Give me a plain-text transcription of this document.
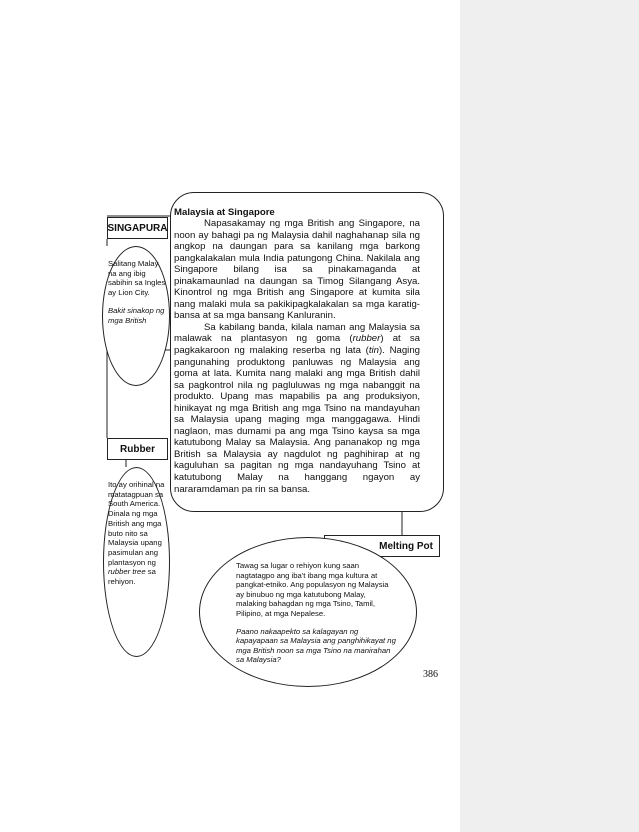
Malaysia at Singapore

Napasakamay ng mga British ang Singapore, na noon ay bahagi pa ng Malaysia dahil naghahanap sila ng angkop na daungan para sa kanilang mga barkong pangkalakalan mula India patungong China. Nakilala ang Singapore bilang isa sa pinakamaganda at pinakamaunlad na daungan sa Timog Silangang Asya. Kinontrol ng mga British ang Singapore at kumita sila nang malaki mula sa pakikipagkalakalan sa mga karatig-bansa at sa mga bansang Kanluranin.

Sa kabilang banda, kilala naman ang Malaysia sa malawak na plantasyon ng goma (rubber) at sa pagkakaroon ng malaking reserba ng lata (tin). Naging pangunahing produktong panluwas ng Malaysia ang goma at lata. Kumita nang malaki ang mga British dahil sa pagkontrol nila ng pagluluwas ng mga nabanggit na produkto. Upang mas mapabilis pa ang produksiyon, hinikayat ng mga British ang mga Tsino na mandayuhan sa Malaysia upang maging mga manggagawa. Hindi naglaon, mas dumami pa ang mga Tsino kaysa sa mga katutubong Malay sa Malaysia. Ang pananakop ng mga British sa Malaysia ay nagdulot ng paghihirap at ng kaguluhan sa pagitan ng mga nandayuhang Tsino at katutubong Malay na hanggang ngayon ay nararamdaman pa rin sa bansa.

SINGAPURA

Salitang Malay na ang ibig sabihin sa Ingles ay Lion City.

Bakit sinakop ng mga British

Rubber

Ito ay orihinal na matatagpuan sa South America. Dinala ng mga British ang mga buto nito sa Malaysia upang pasimulan ang plantasyon ng rubber tree sa rehiyon.

Melting Pot

Tawag sa lugar o rehiyon kung saan nagtatagpo ang iba't ibang mga kultura at pangkat-etniko. Ang populasyon ng Malaysia ay binubuo ng mga katutubong Malay, malaking bahagdan ng mga Tsino, Tamil, Pilipino, at mga Nepalese.

Paano nakaapekto sa kalagayan ng kapayapaan sa Malaysia ang panghihikayat ng mga British noon sa mga Tsino na manirahan sa Malaysia?

386
